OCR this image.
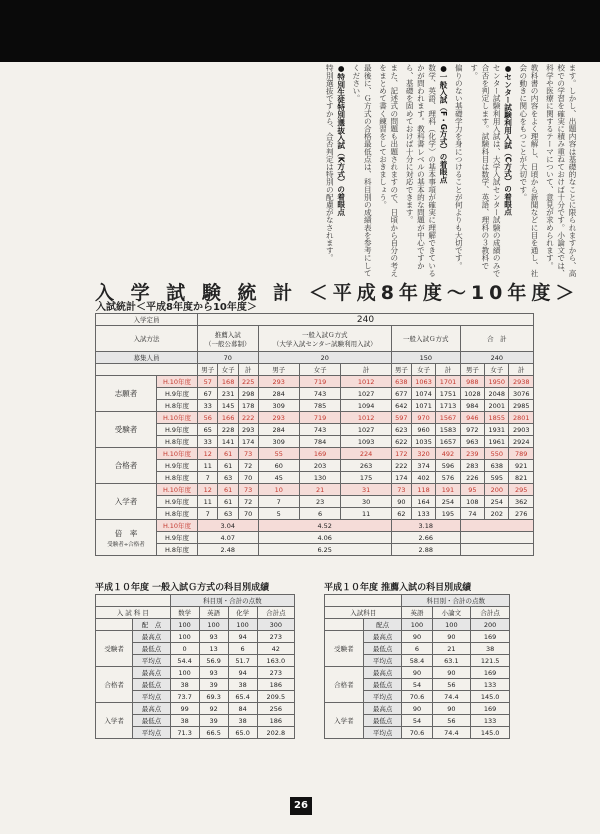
ます。しかし、出題内容は基礎的なことに限られますから、高校での学習を確実に積み重ねておけば十分です。小論文では、科学や医療に関するテーマについて、意見が求められます。

教科書の内容をよく理解し、日頃から新聞などに目を通し、社会の動きに関心をもつことが大切です。

●センター試験利用入試（C方式）の着眼点
センター試験利用入試は、大学入試センター試験の成績のみで合否を判定します。試験科目は数学、英語、理科の３教科です。

偏りのない基礎学力を身につけることが何よりも大切です。

●一般入試（F・G方式）の着眼点
数学、英語、理科（化学）の基本事項が確実に理解できているかが問われます。教科書レベルの基本的な問題が中心ですから、基礎を固めておけば十分に対応できます。

また、記述式の問題も出題されますので、日頃から自分の考えをまとめて書く練習をしておきましょう。

最後に、Ｇ方式の合格最低点は、科目別の成績表を参考にしてください。

●特別生徒特別選抜入試（K方式）の着眼点
特別選抜ですから、合否判定は特別の配慮がなされます。

入 学 試 験 統 計 ＜平成8年度〜10年度＞
入試統計＜平成8年度から10年度＞
入学定員		240											
入試方法		推薦入試
（一般公募制）			一般入試Ｇ方式
（大学入試センター試験利用入試）			一般入試Ｇ方式			合　計		
募集人員		70			20			150			240		
		男子	女子	計	男子	女子	計	男子	女子	計	男子	女子	計
志願者	H.10年度	57	168	225	293	719	1012	638	1063	1701	988	1950	2938
	H.9年度	67	231	298	284	743	1027	677	1074	1751	1028	2048	3076
	H.8年度	33	145	178	309	785	1094	642	1071	1713	984	2001	2985
受験者	H.10年度	56	166	222	293	719	1012	597	970	1567	946	1855	2801
	H.9年度	65	228	293	284	743	1027	623	960	1583	972	1931	2903
	H.8年度	33	141	174	309	784	1093	622	1035	1657	963	1961	2924
合格者	H.10年度	12	61	73	55	169	224	172	320	492	239	550	789
	H.9年度	11	61	72	60	203	263	222	374	596	283	638	921
	H.8年度	7	63	70	45	130	175	174	402	576	226	595	821
入学者	H.10年度	12	61	73	10	21	31	73	118	191	95	200	295
	H.9年度	11	61	72	7	23	30	90	164	254	108	254	362
	H.8年度	7	63	70	5	6	11	62	133	195	74	202	276
倍　率
受験者÷合格者	H.10年度	3.04			4.52			3.18					
	H.9年度	4.07			4.06			2.66					
	H.8年度	2.48			6.25			2.88					
平成１０年度 一般入試Ｇ方式の科目別成績
		科目別・合計の点数			

入 試 科 目		数学	英語	化学	合計点
	配　点	100	100	100	300
受験者	最高点	100	93	94	273
	最低点	0	13	6	42
	平均点	54.4	56.9	51.7	163.0
合格者	最高点	100	93	94	273
	最低点	38	39	38	186
	平均点	73.7	69.3	65.4	209.5
入学者	最高点	99	92	84	256
	最低点	38	39	38	186
	平均点	71.3	66.5	65.0	202.8
平成１０年度 推薦入試の科目別成績
		科目別・合計の点数		

入試科目		英語	小論文	合計点
	配点	100	100	200
受験者	最高点	90	90	169
	最低点	6	21	38
	平均点	58.4	63.1	121.5
合格者	最高点	90	90	169
	最低点	54	56	133
	平均点	70.6	74.4	145.0
入学者	最高点	90	90	169
	最低点	54	56	133
	平均点	70.6	74.4	145.0
26
